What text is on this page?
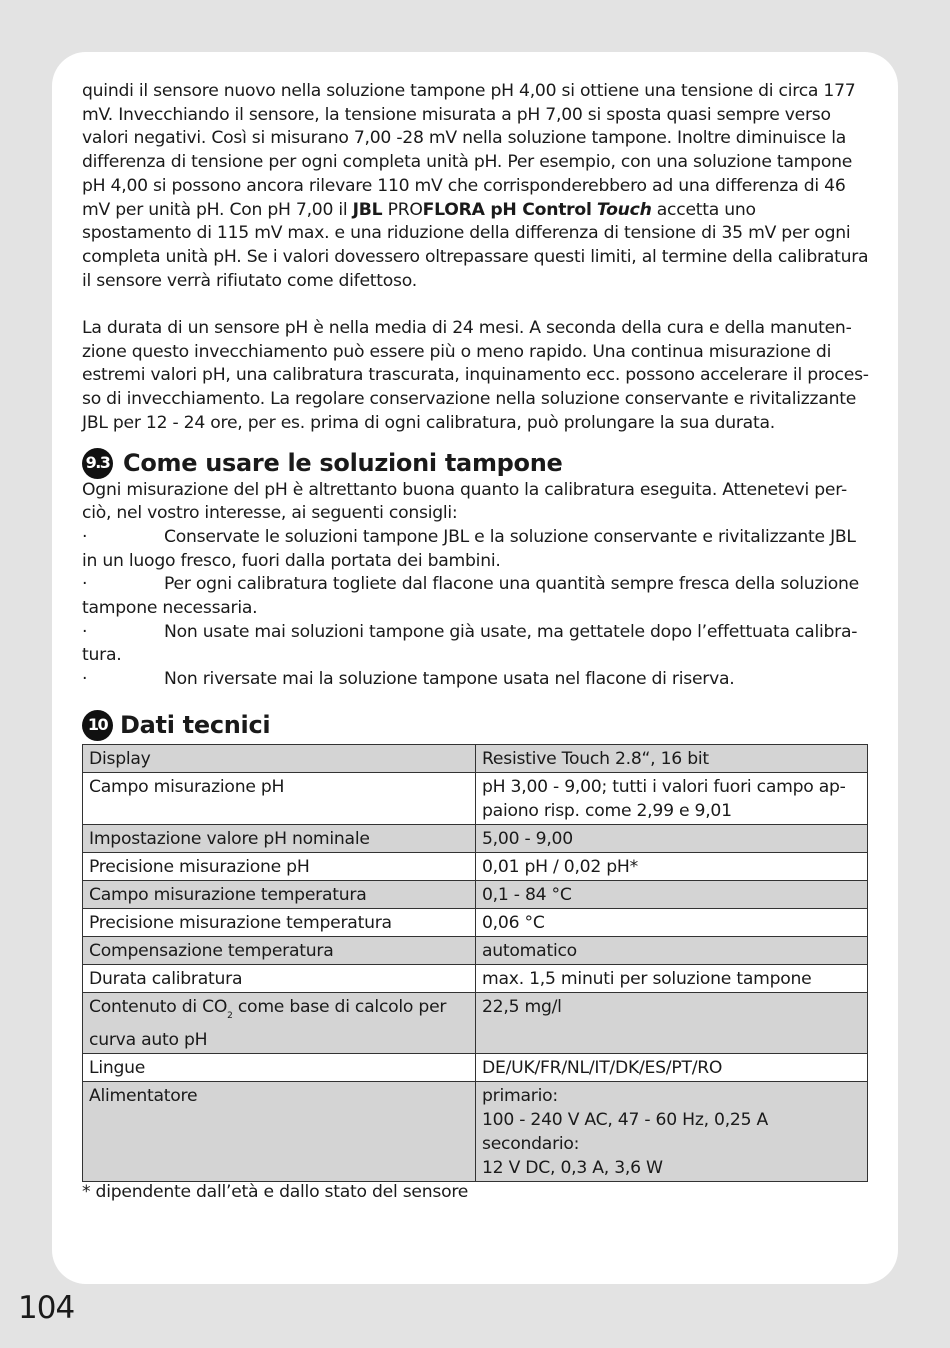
quindi il sensore nuovo nella soluzione tampone pH 4,00 si ottiene una tensione di circa 177 mV. Invecchiando il sensore, la tensione misurata a pH 7,00 si sposta quasi sempre verso valori negativi. Così si misurano 7,00 -28 mV nella soluzione tampone. Inoltre diminuisce la differenza di tensione per ogni completa unità pH. Per esempio, con una soluzione tampone pH 4,00 si possono ancora rilevare 110 mV che corrisponderebbero ad una differenza di 46 mV per unità pH. Con pH 7,00 il JBL PROFLORA pH Control Touch accetta uno spostamento di 115 mV max. e una riduzione della differenza di tensione di 35 mV per ogni completa unità pH. Se i valori dovessero oltrepassare questi limiti, al termine della calibratura il sensore verrà rifiutato come difettoso.

La durata di un sensore pH è nella media di 24 mesi. A seconda della cura e della manuten-zione questo invecchiamento può essere più o meno rapido. Una continua misurazione di estremi valori pH, una calibratura trascurata, inquinamento ecc. possono accelerare il proces-so di invecchiamento. La regolare conservazione nella soluzione conservante e rivitalizzante JBL per 12 - 24 ore, per es. prima di ogni calibratura, può prolungare la sua durata.

9.3 Come usare le soluzioni tampone

Ogni misurazione del pH è altrettanto buona quanto la calibratura eseguita. Attenetevi per-ciò, nel vostro interesse, ai seguenti consigli:

·	Conservate le soluzioni tampone JBL e la soluzione conservante e rivitalizzante JBL

in un luogo fresco, fuori dalla portata dei bambini.

·	Per ogni calibratura togliete dal flacone una quantità sempre fresca della soluzione

tampone necessaria.

·	Non usate mai soluzioni tampone già usate, ma gettatele dopo l’effettuata calibra-

tura.

·	Non riversate mai la soluzione tampone usata nel flacone di riserva.
10 Dati tecnici
Display	Resistive Touch 2.8“, 16 bit
Campo misurazione pH	pH 3,00 - 9,00; tutti i valori fuori campo ap-paiono risp. come 2,99 e 9,01
Impostazione valore pH nominale	5,00 - 9,00
Precisione misurazione pH	0,01 pH / 0,02 pH*
Campo misurazione temperatura	0,1 - 84 °C
Precisione misurazione temperatura	0,06 °C
Compensazione temperatura	automatico
Durata calibratura	max. 1,5 minuti per soluzione tampone
Contenuto di $CO_2$ come base di calcolo per curva auto pH	22,5 mg/l
Lingue	DE/UK/FR/NL/IT/DK/ES/PT/RO
Alimentatore	primario:
100 - 240 V AC, 47 - 60 Hz, 0,25 A
secondario:
12 V DC, 0,3 A, 3,6 W

* dipendente dall’età e dallo stato del sensore

104
